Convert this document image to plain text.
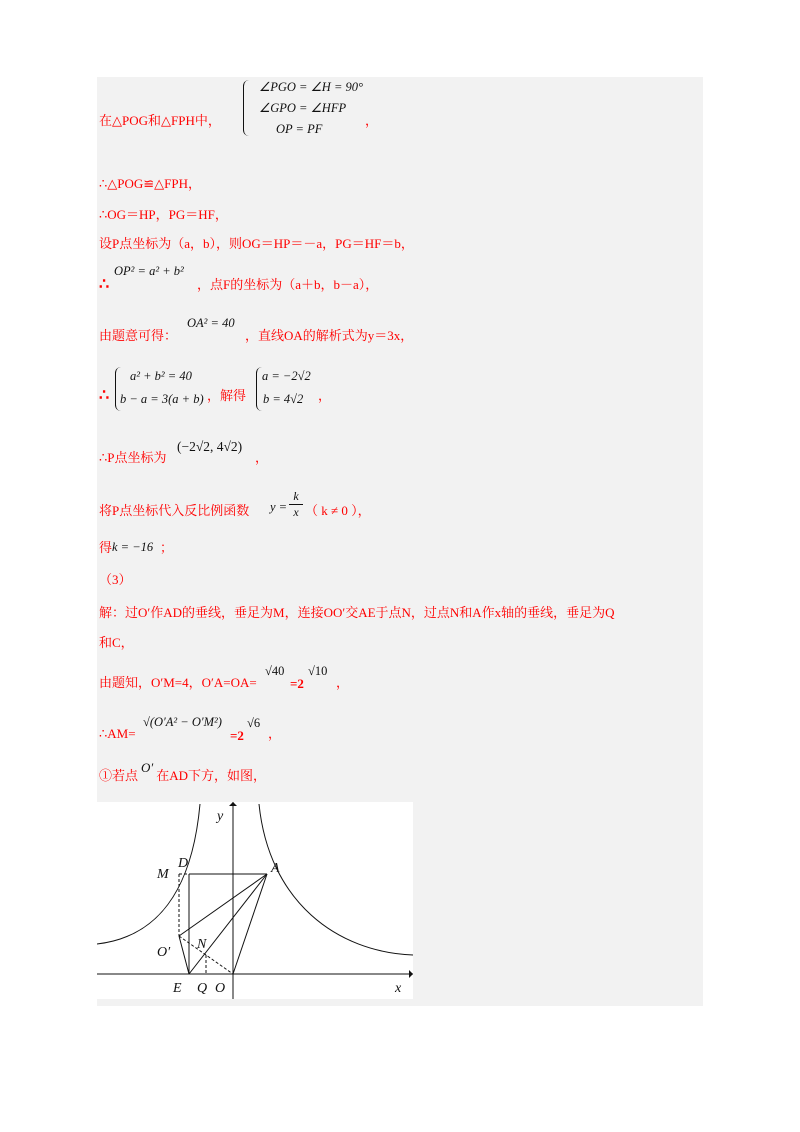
在△POG和△FPH中，
∠PGO = ∠H = 90°
∠GPO = ∠HFP
OP = PF
，
∴△POG≌△FPH，
∴OG＝HP，PG＝HF，
设P点坐标为（a，b），则OG＝HP＝－a，PG＝HF＝b，
∴
OP² = a² + b²
，点F的坐标为（a＋b，b－a），
由题意可得：
OA² = 40
，直线OA的解析式为y＝3x，
∴
a² + b² = 40
b − a = 3(a + b) ，解得
a = −2√2
b = 4√2 ，
∴P点坐标为
(−2√2, 4√2)
，
将P点坐标代入反比例函数 $y = \frac{k}{x}$ （ k ≠ 0 ），
得 k = −16 ；
（3）
解：过O′作AD的垂线，垂足为M，连接OO′交AE于点N，过点N和A作x轴的垂线，垂足为Q
和C，
由题知，O′M=4，O′A=OA=
√40
=2
√10
，
∴AM=
√(O′A² − O′M²)
=2
√6
，
①若点O′在AD下方，如图，
y
x
D
M	A
O′
N
E Q O
